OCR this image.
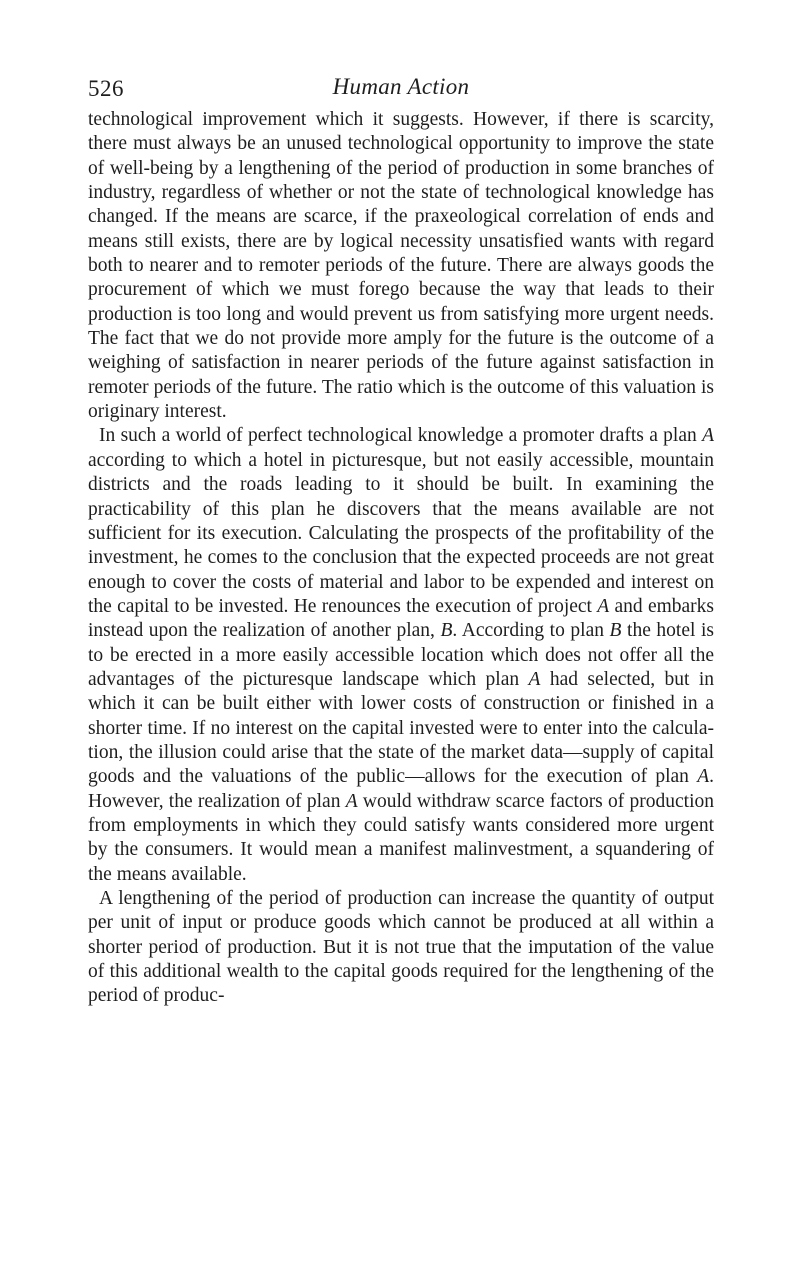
526	Human Action

technological improvement which it suggests. However, if there is scarcity, there must always be an unused technological opportunity to improve the state of well-being by a lengthening of the period of production in some branches of industry, regardless of whether or not the state of technological knowledge has changed. If the means are scarce, if the praxeological correlation of ends and means still exists, there are by logical necessity unsatisfied wants with regard both to nearer and to remoter periods of the future. There are always goods the procurement of which we must forego because the way that leads to their production is too long and would prevent us from satisfying more urgent needs. The fact that we do not provide more amply for the future is the outcome of a weighing of satisfaction in nearer periods of the future against satisfaction in remoter periods of the future. The ratio which is the outcome of this valuation is originary interest.

In such a world of perfect technological knowledge a promoter drafts a plan A according to which a hotel in picturesque, but not easily accessible, mountain districts and the roads leading to it should be built. In examining the practicability of this plan he discovers that the means available are not sufficient for its execution. Calculating the prospects of the profitability of the investment, he comes to the conclusion that the expected proceeds are not great enough to cover the costs of material and labor to be expended and interest on the capital to be invested. He renounces the execution of project A and embarks instead upon the realization of another plan, B. According to plan B the hotel is to be erected in a more easily accessible location which does not offer all the advantages of the picturesque landscape which plan A had selected, but in which it can be built either with lower costs of construction or finished in a shorter time. If no interest on the capital invested were to enter into the calculation, the illusion could arise that the state of the market data—supply of capital goods and the valuations of the public—allows for the execution of plan A. However, the realization of plan A would withdraw scarce factors of production from employments in which they could satisfy wants considered more urgent by the consumers. It would mean a manifest malinvestment, a squandering of the means available.

A lengthening of the period of production can increase the quantity of output per unit of input or produce goods which cannot be produced at all within a shorter period of production. But it is not true that the imputation of the value of this additional wealth to the capital goods required for the lengthening of the period of produc-
